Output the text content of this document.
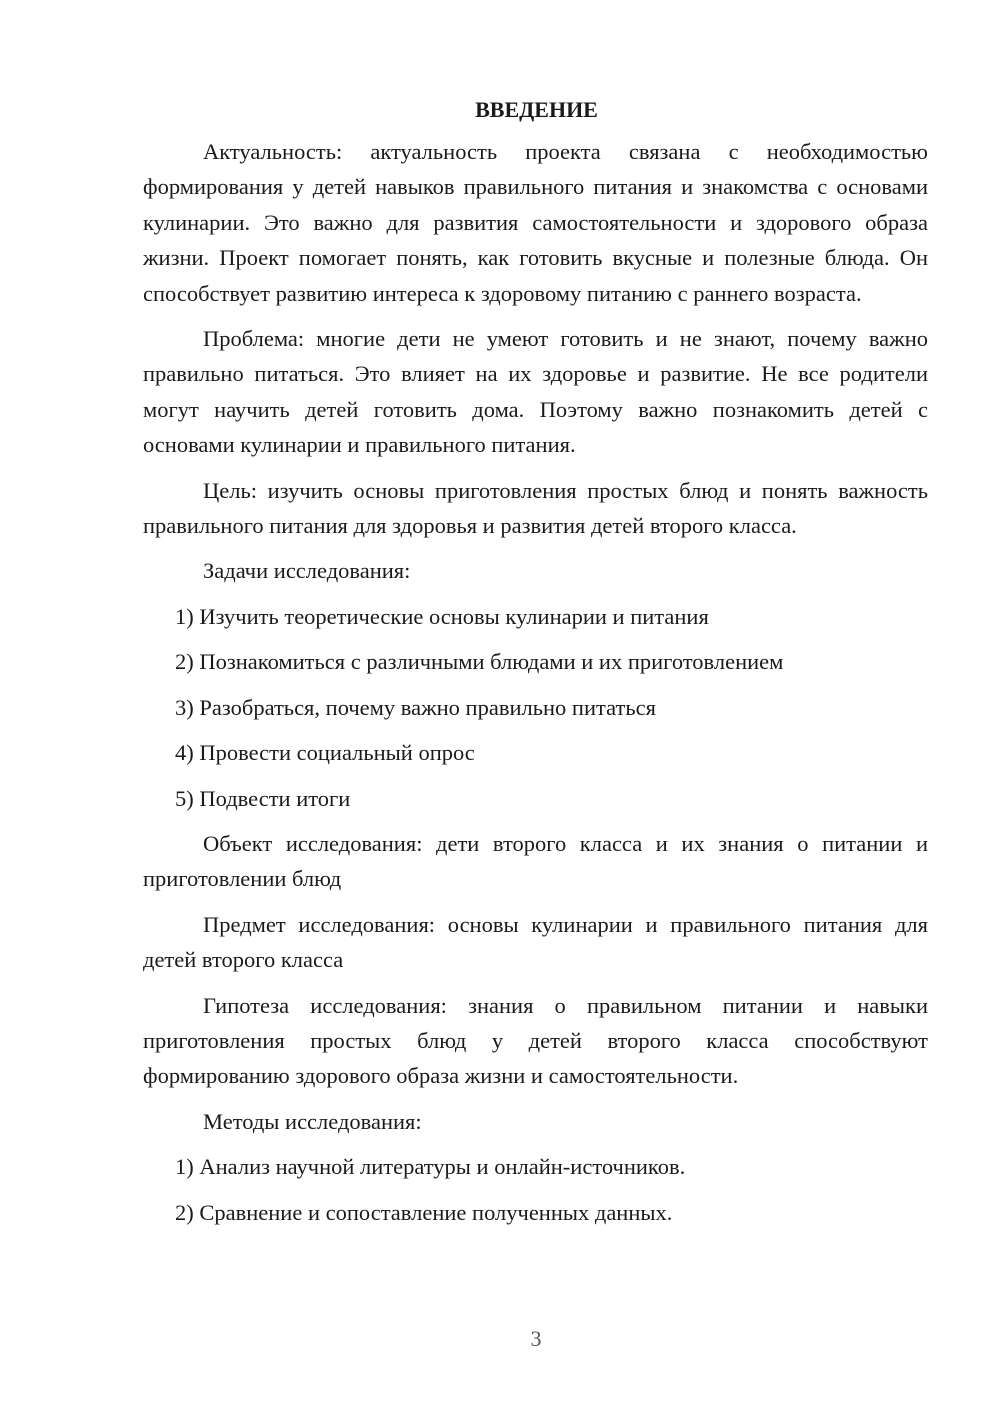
ВВЕДЕНИЕ

Актуальность: актуальность проекта связана с необходимостью формирования у детей навыков правильного питания и знакомства с основами кулинарии. Это важно для развития самостоятельности и здорового образа жизни. Проект помогает понять, как готовить вкусные и полезные блюда. Он способствует развитию интереса к здоровому питанию с раннего возраста.

Проблема: многие дети не умеют готовить и не знают, почему важно правильно питаться. Это влияет на их здоровье и развитие. Не все родители могут научить детей готовить дома. Поэтому важно познакомить детей с основами кулинарии и правильного питания.

Цель: изучить основы приготовления простых блюд и понять важность правильного питания для здоровья и развития детей второго класса.

Задачи исследования:

1) Изучить теоретические основы кулинарии и питания
2) Познакомиться с различными блюдами и их приготовлением
3) Разобраться, почему важно правильно питаться
4) Провести социальный опрос
5) Подвести итоги

Объект исследования: дети второго класса и их знания о питании и приготовлении блюд

Предмет исследования: основы кулинарии и правильного питания для детей второго класса

Гипотеза исследования: знания о правильном питании и навыки приготовления простых блюд у детей второго класса способствуют формированию здорового образа жизни и самостоятельности.

Методы исследования:

1) Анализ научной литературы и онлайн-источников.
2) Сравнение и сопоставление полученных данных.
3
